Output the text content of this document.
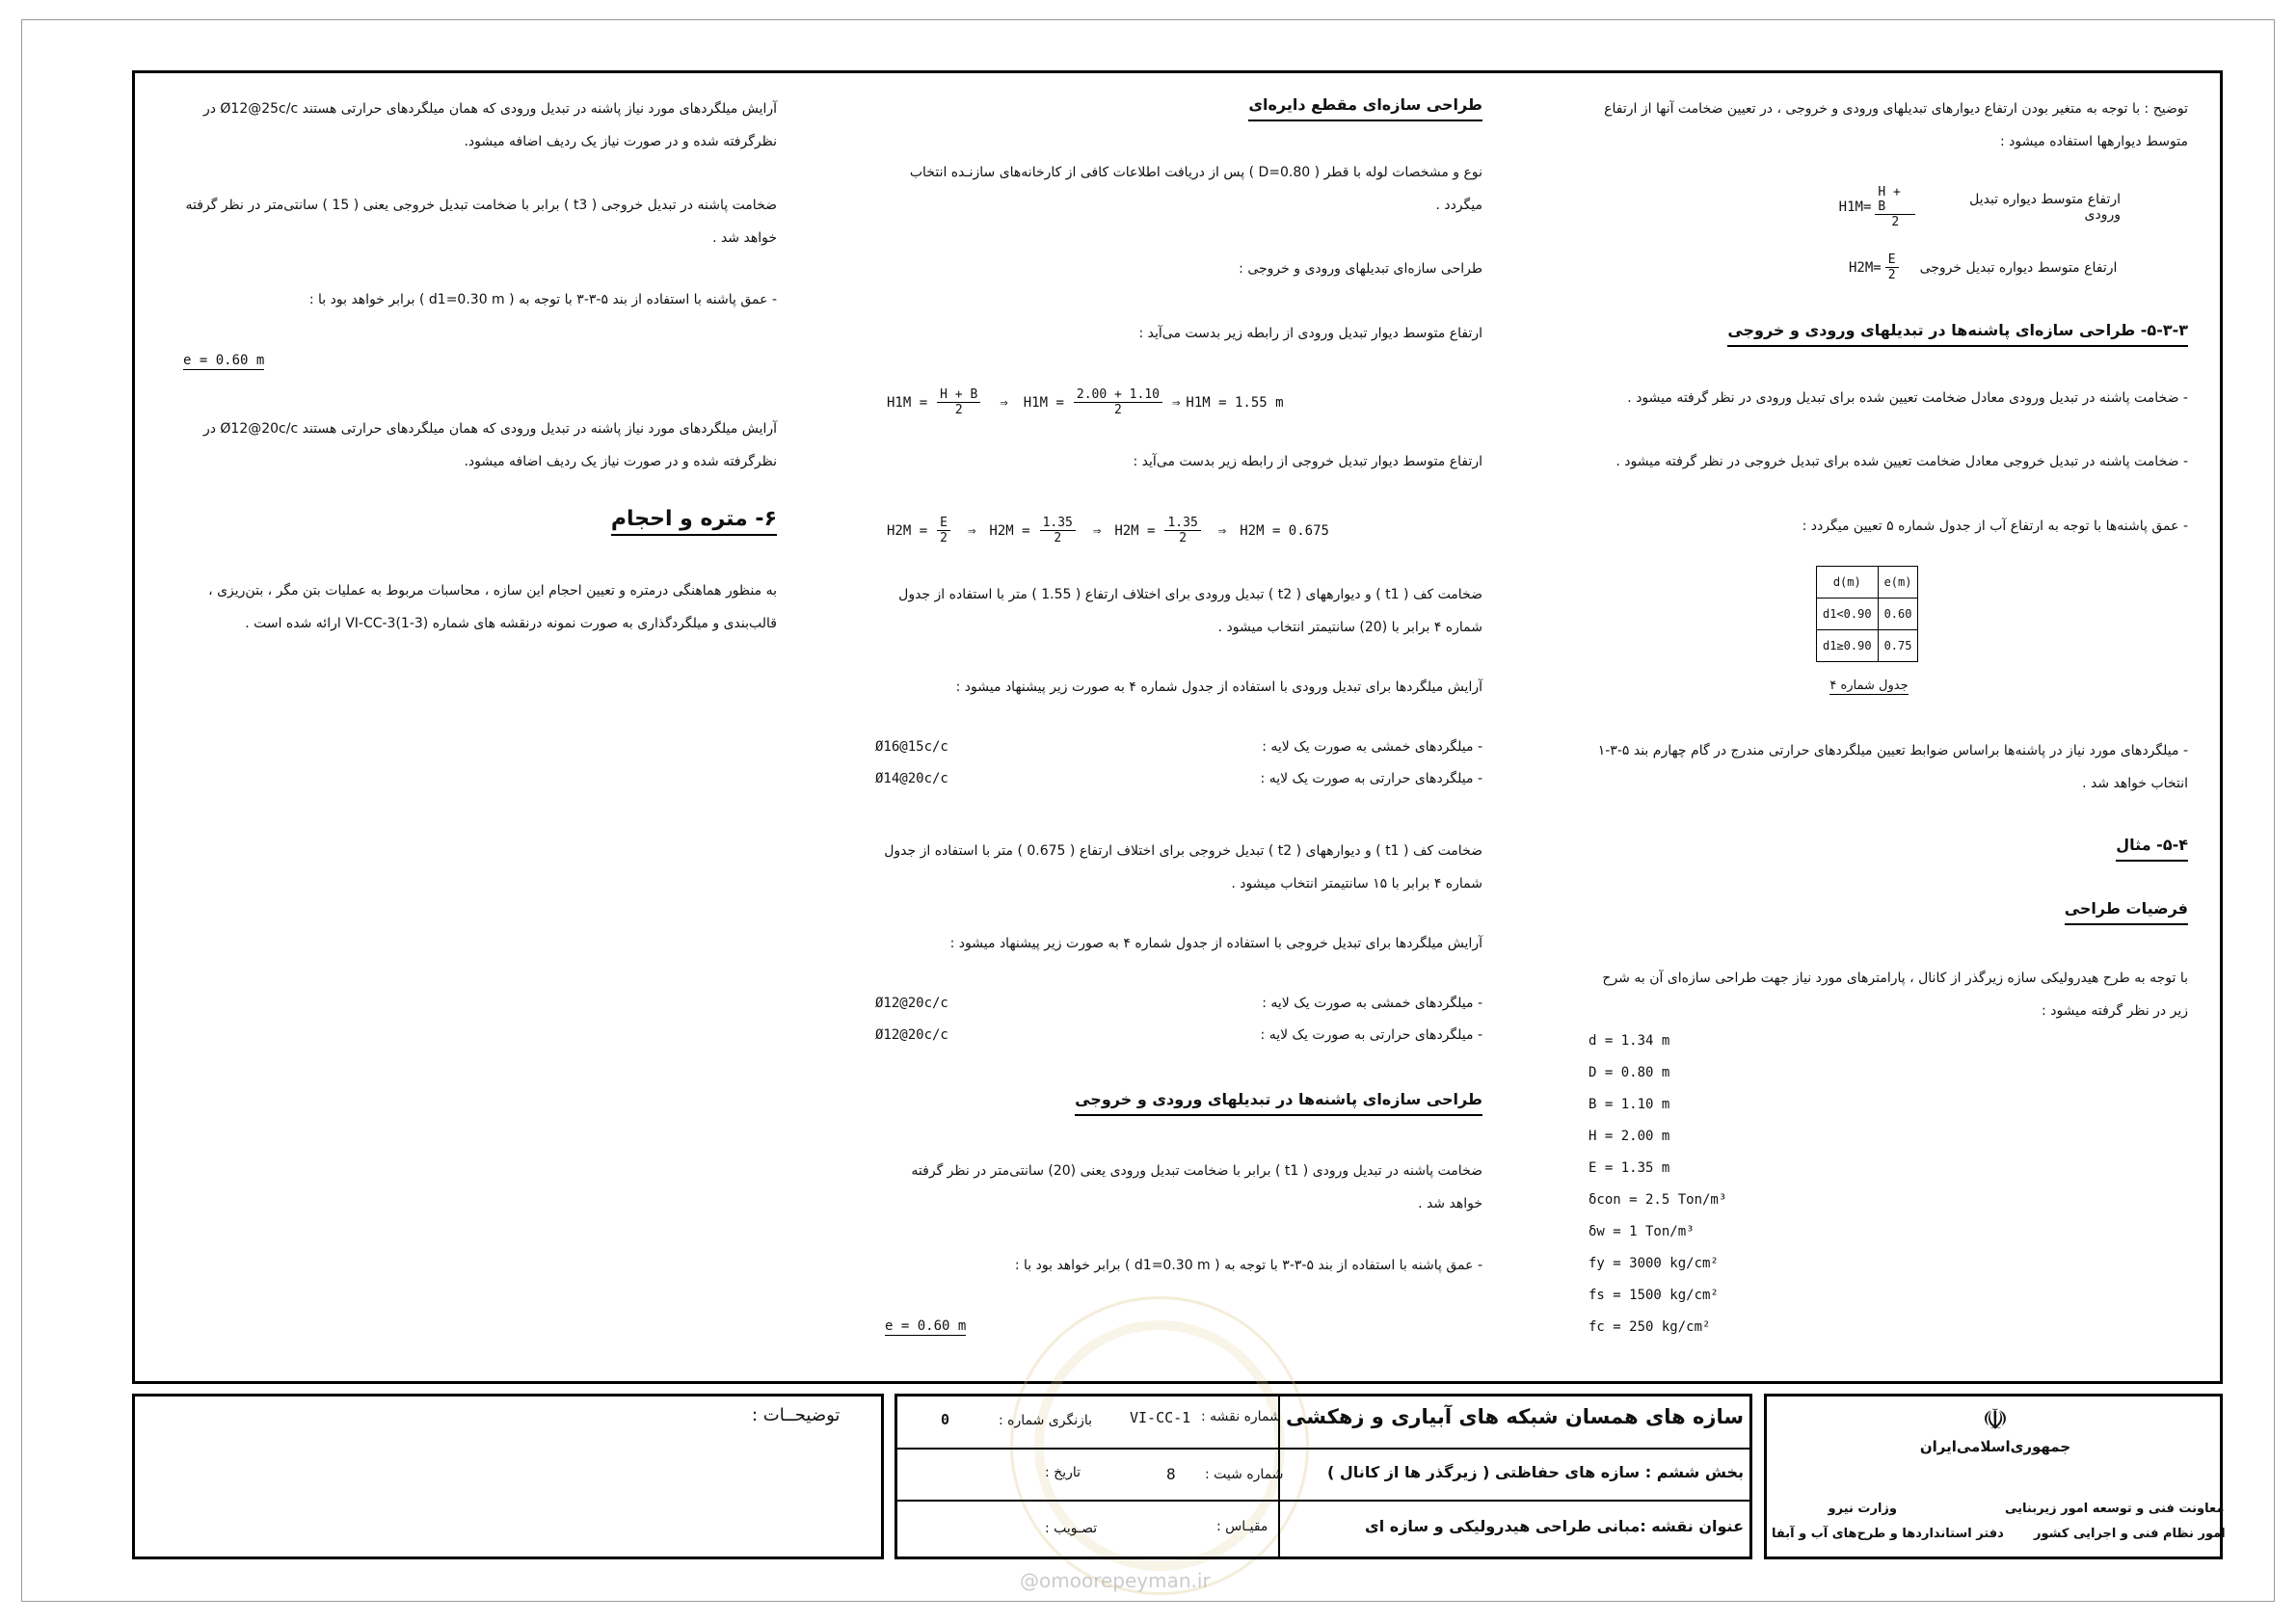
توضیح : با توجه به متغیر بودن ارتفاع دیوارهای تبدیلهای ورودی و خروجی ، در تعیین ضخامت آنها از ارتفاع متوسط دیوارهها استفاده میشود :

ارتفاع متوسط دیواره تبدیل ورودی
$H1M = \frac{H + B}{2}$
ارتفاع متوسط دیواره تبدیل خروجی
$H2M = \frac{E}{2}$
۵-۳-۳- طراحی سازه‌ای پاشنه‌ها در تبدیلهای ورودی و خروجی

- ضخامت پاشنه در تبدیل ورودی معادل ضخامت تعیین شده برای تبدیل ورودی در نظر گرفته میشود .

- ضخامت پاشنه در تبدیل خروجی معادل ضخامت تعیین شده برای تبدیل خروجی در نظر گرفته میشود .

- عمق پاشنه‌ها با توجه به ارتفاع آب از جدول شماره ۵ تعیین میگردد :

d(m)	e(m)
d1<0.90	0.60
d1≥0.90	0.75
جدول شماره ۴

- میلگردهای مورد نیاز در پاشنه‌ها براساس ضوابط تعیین میلگردهای حرارتی مندرج در گام چهارم بند ۵-۳-۱ انتخاب خواهد شد .

۵-۴- مثال
فرضیات طراحی

با توجه به طرح هیدرولیکی سازه زیرگذر از کانال ، پارامترهای مورد نیاز جهت طراحی سازه‌ای آن به شرح زیر در نظر گرفته میشود :

d = 1.34 m
D = 0.80 m
B = 1.10 m
H = 2.00 m
E = 1.35 m
δcon = 2.5 Ton/m³
δw = 1 Ton/m³
fy = 3000 kg/cm²
fs = 1500 kg/cm²
fc = 250 kg/cm²
طراحی سازه‌ای مقطع دایره‌ای

نوع و مشخصات لوله با قطر ( D=0.80 ) پس از دریافت اطلاعات کافی از کارخانه‌های سازنـده انتخاب میگردد .

طراحی سازه‌ای تبدیلهای ورودی و خروجی :

ارتفاع متوسط دیوار تبدیل ورودی از رابطه زیر بدست می‌آید :

$H1M = \frac{H + B}{2}$ ⇒ $H1M = \frac{2.00 + 1.10}{2}$ ⇒ H1M = 1.55 m

ارتفاع متوسط دیوار تبدیل خروجی از رابطه زیر بدست می‌آید :

$H2M = \frac{E}{2}$ ⇒ $H2M = \frac{1.35}{2}$ ⇒ $H2M = \frac{1.35}{2}$ ⇒ H2M = 0.675

ضخامت کف ( t1 ) و دیوارههای ( t2 ) تبدیل ورودی برای اختلاف ارتفاع ( 1.55 ) متر با استفاده از جدول شماره ۴ برابر با (20) سانتیمتر انتخاب میشود .

آرایش میلگردها برای تبدیل ورودی با استفاده از جدول شماره ۴ به صورت زیر پیشنهاد میشود :

- میلگردهای خمشی به صورت یک لایه :
Ø16@15c/c
- میلگردهای حرارتی به صورت یک لایه :
Ø14@20c/c

ضخامت کف ( t1 ) و دیوارههای ( t2 ) تبدیل خروجی برای اختلاف ارتفاع ( 0.675 ) متر با استفاده از جدول شماره ۴ برابر با ۱۵ سانتیمتر انتخاب میشود .

آرایش میلگردها برای تبدیل خروجی با استفاده از جدول شماره ۴ به صورت زیر پیشنهاد میشود :

- میلگردهای خمشی به صورت یک لایه :
Ø12@20c/c
- میلگردهای حرارتی به صورت یک لایه :
Ø12@20c/c
طراحی سازه‌ای پاشنه‌ها در تبدیلهای ورودی و خروجی

ضخامت پاشنه در تبدیل ورودی ( t1 ) برابر با ضخامت تبدیل ورودی یعنی (20) سانتی‌متر در نظر گرفته خواهد شد .

- عمق پاشنه با استفاده از بند ۵-۳-۳ با توجه به ( d1=0.30 m ) برابر خواهد بود با :

e = 0.60 m

آرایش میلگردهای مورد نیاز پاشنه در تبدیل ورودی که همان میلگردهای حرارتی هستند Ø12@25c/c در نظرگرفته شده و در صورت نیاز یک ردیف اضافه میشود.

ضخامت پاشنه در تبدیل خروجی ( t3 ) برابر با ضخامت تبدیل خروجی یعنی ( 15 ) سانتی‌متر در نظر گرفته خواهد شد .

- عمق پاشنه با استفاده از بند ۵-۳-۳ با توجه به ( d1=0.30 m ) برابر خواهد بود با :

e = 0.60 m

آرایش میلگردهای مورد نیاز پاشنه در تبدیل ورودی که همان میلگردهای حرارتی هستند Ø12@20c/c در نظرگرفته شده و در صورت نیاز یک ردیف اضافه میشود.

۶- متره و احجام

به منظور هماهنگی درمتره و تعیین احجام این سازه ، محاسبات مربوط به عملیات بتن مگر ، بتن‌ریزی ، قالب‌بندی و میلگردگذاری به صورت نمونه درنقشه های شماره (VI-CC-3(1-3 ارائه شده است .

توضیحــات :	سازه های همسان شبکه های آبیاری و زهکشی
بخش ششم : سازه های حفاظتی ( زیرگذر ها از کانال )
عنوان نقشه :مبانی طراحی هیدرولیکی و سازه ای
شماره نقشه :
VI-CC-1
بازنگری شماره :
0
شماره شیت :
8
تاریخ :
مقیـاس :
تصـویب :
☫
جمهوری‌اسلامی‌ایران
معاونت فنی و توسعه امور زیربنایی
وزارت نیرو
امور نظام فنی و اجرایی کشور
دفتر استانداردها و طرح‌های آب و آبفا
@omoorepeyman.ir
